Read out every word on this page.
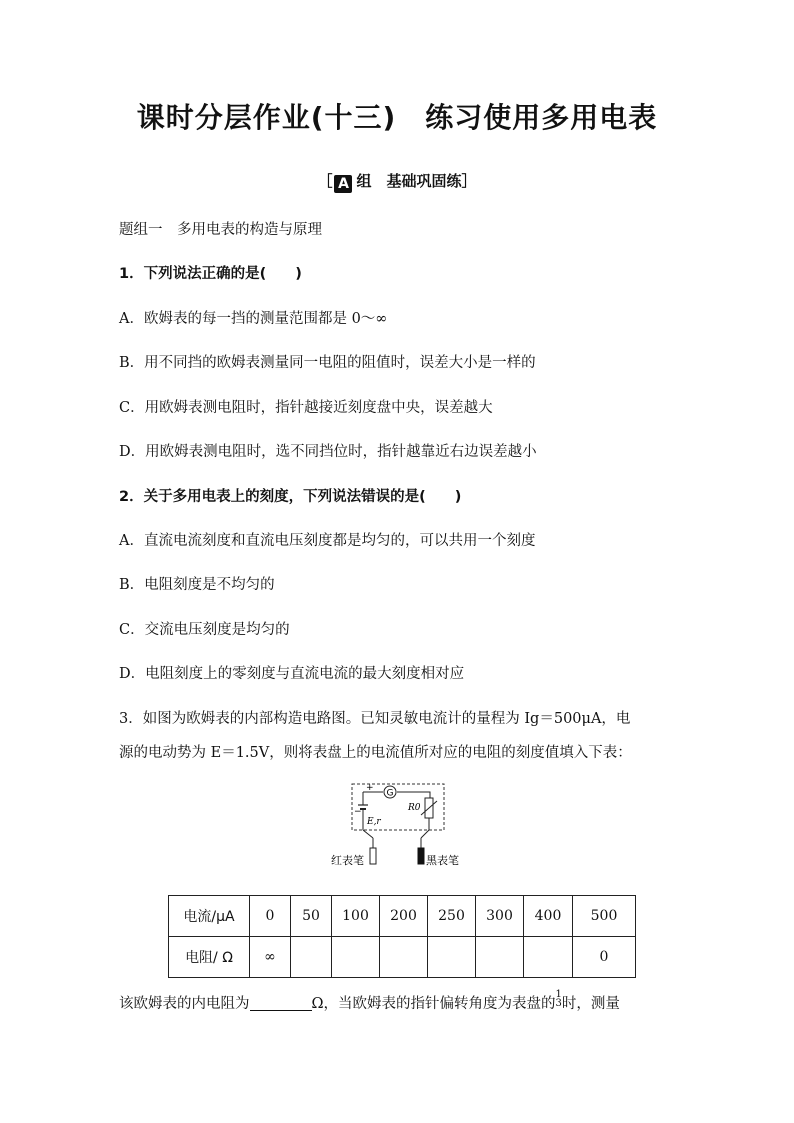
课时分层作业(十三)　练习使用多用电表
［ A 组　基础巩固练］
题组一　多用电表的构造与原理
1．下列说法正确的是(　　)
A．欧姆表的每一挡的测量范围都是 0～∞
B．用不同挡的欧姆表测量同一电阻的阻值时，误差大小是一样的
C．用欧姆表测电阻时，指针越接近刻度盘中央，误差越大
D．用欧姆表测电阻时，选不同挡位时，指针越靠近右边误差越小
2．关于多用电表上的刻度，下列说法错误的是(　　)
A．直流电流刻度和直流电压刻度都是均匀的，可以共用一个刻度
B．电阻刻度是不均匀的
C．交流电压刻度是均匀的
D．电阻刻度上的零刻度与直流电流的最大刻度相对应
3．如图为欧姆表的内部构造电路图。已知灵敏电流计的量程为 Ig＝500μA，电
源的电动势为 E＝1.5V，则将表盘上的电流值所对应的电阻的刻度值填入下表：
G
+
−
E,r
R0
红表笔	黑表笔
电流/μA	0	50	100	200	250	300	400	500
电阻/ Ω	∞							0
该欧姆表的内电阻为	Ω，当欧姆表的指针偏转角度为表盘的
1
3 时，测量
